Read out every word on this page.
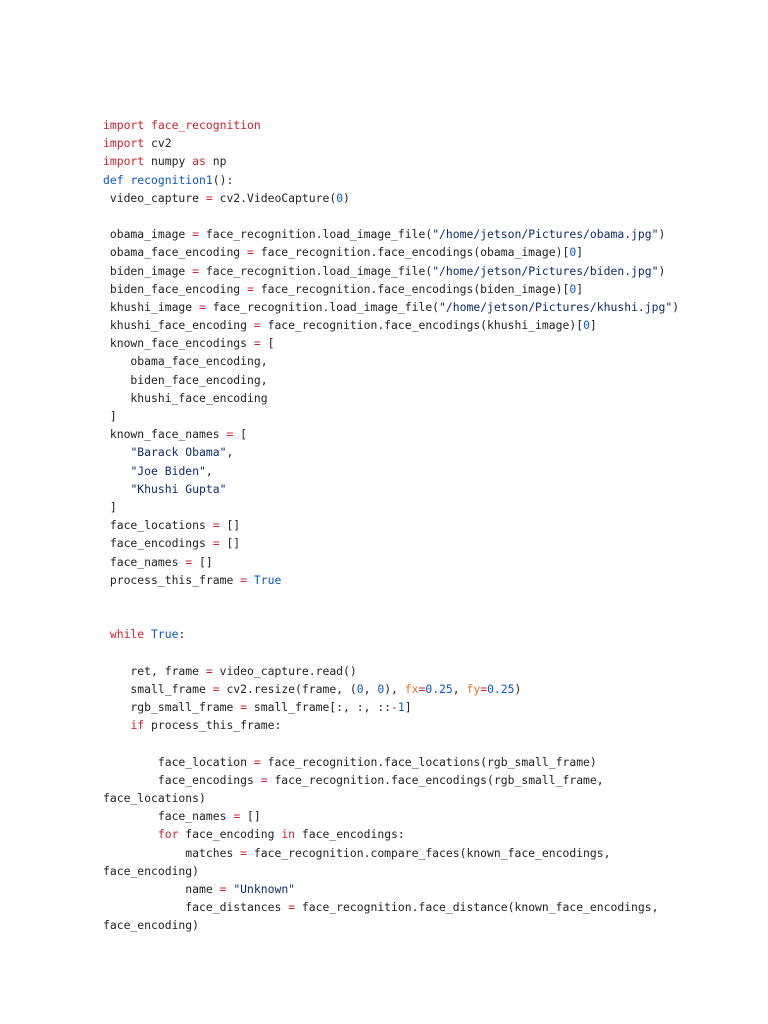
import face_recognition
import cv2
import numpy as np
def recognition1():
video_capture = cv2.VideoCapture(0)

obama_image = face_recognition.load_image_file("/home/jetson/Pictures/obama.jpg")
obama_face_encoding = face_recognition.face_encodings(obama_image)[0]
biden_image = face_recognition.load_image_file("/home/jetson/Pictures/biden.jpg")
biden_face_encoding = face_recognition.face_encodings(biden_image)[0]
khushi_image = face_recognition.load_image_file("/home/jetson/Pictures/khushi.jpg")
khushi_face_encoding = face_recognition.face_encodings(khushi_image)[0]
known_face_encodings = [
obama_face_encoding,
biden_face_encoding,
khushi_face_encoding
]
known_face_names = [
"Barack Obama",
"Joe Biden",
"Khushi Gupta"
]
face_locations = []
face_encodings = []
face_names = []
process_this_frame = True

while True:

ret, frame = video_capture.read()
small_frame = cv2.resize(frame, (0, 0), fx=0.25, fy=0.25)
rgb_small_frame = small_frame[:, :, ::-1]
if process_this_frame:

face_location = face_recognition.face_locations(rgb_small_frame)
face_encodings = face_recognition.face_encodings(rgb_small_frame,
face_locations)
face_names = []
for face_encoding in face_encodings:
matches = face_recognition.compare_faces(known_face_encodings,
face_encoding)
name = "Unknown"
face_distances = face_recognition.face_distance(known_face_encodings,
face_encoding)
